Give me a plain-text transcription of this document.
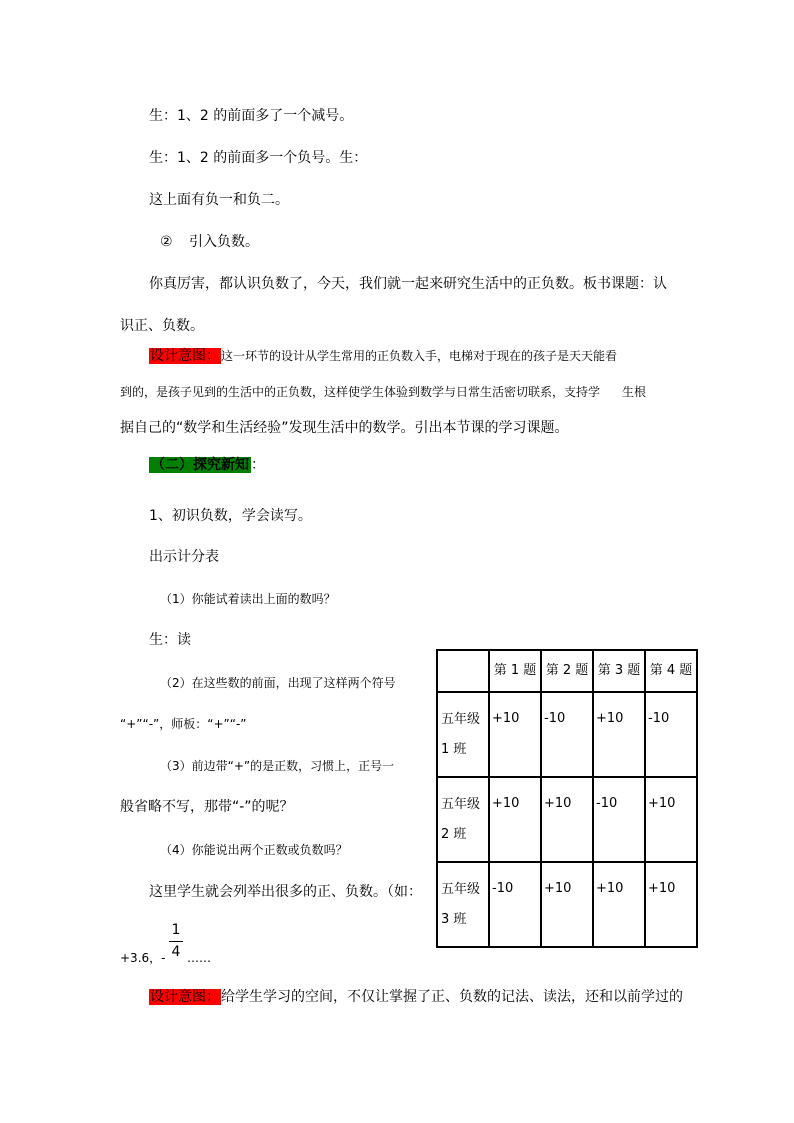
生：1、2 的前面多了一个减号。
生：1、2 的前面多一个负号。生：
这上面有负一和负二。
② 引入负数。
你真厉害，都认识负数了，今天，我们就一起来研究生活中的正负数。板书课题：认
识正、负数。
设计意图：这一环节的设计从学生常用的正负数入手，电梯对于现在的孩子是天天能看
到的，是孩子见到的生活中的正负数，这样使学生体验到数学与日常生活密切联系，支持学 生根
据自己的“数学和生活经验”发现生活中的数学。引出本节课的学习课题。
（二）探究新知 ：
1、初识负数，学会读写。
出示计分表
（1）你能试着读出上面的数吗？
生：读
（2）在这些数的前面，出现了这样两个符号
“+”“-”，师板：“+”“-”
（3）前边带“+”的是正数，习惯上，正号一
般省略不写，那带“-”的呢？
（4）你能说出两个正数或负数吗？
这里学生就会列举出很多的正、负数。（如：
+3.6，-
1
4 ……
设计意图：给学生学习的空间，不仅让掌握了正、负数的记法、读法，还和以前学过的
	第 1 题	第 2 题	第 3 题	第 4 题

五年级
1 班	+10	-10	+10	-10

五年级
2 班	+10	+10	-10	+10

五年级
3 班	-10	+10	+10	+10
